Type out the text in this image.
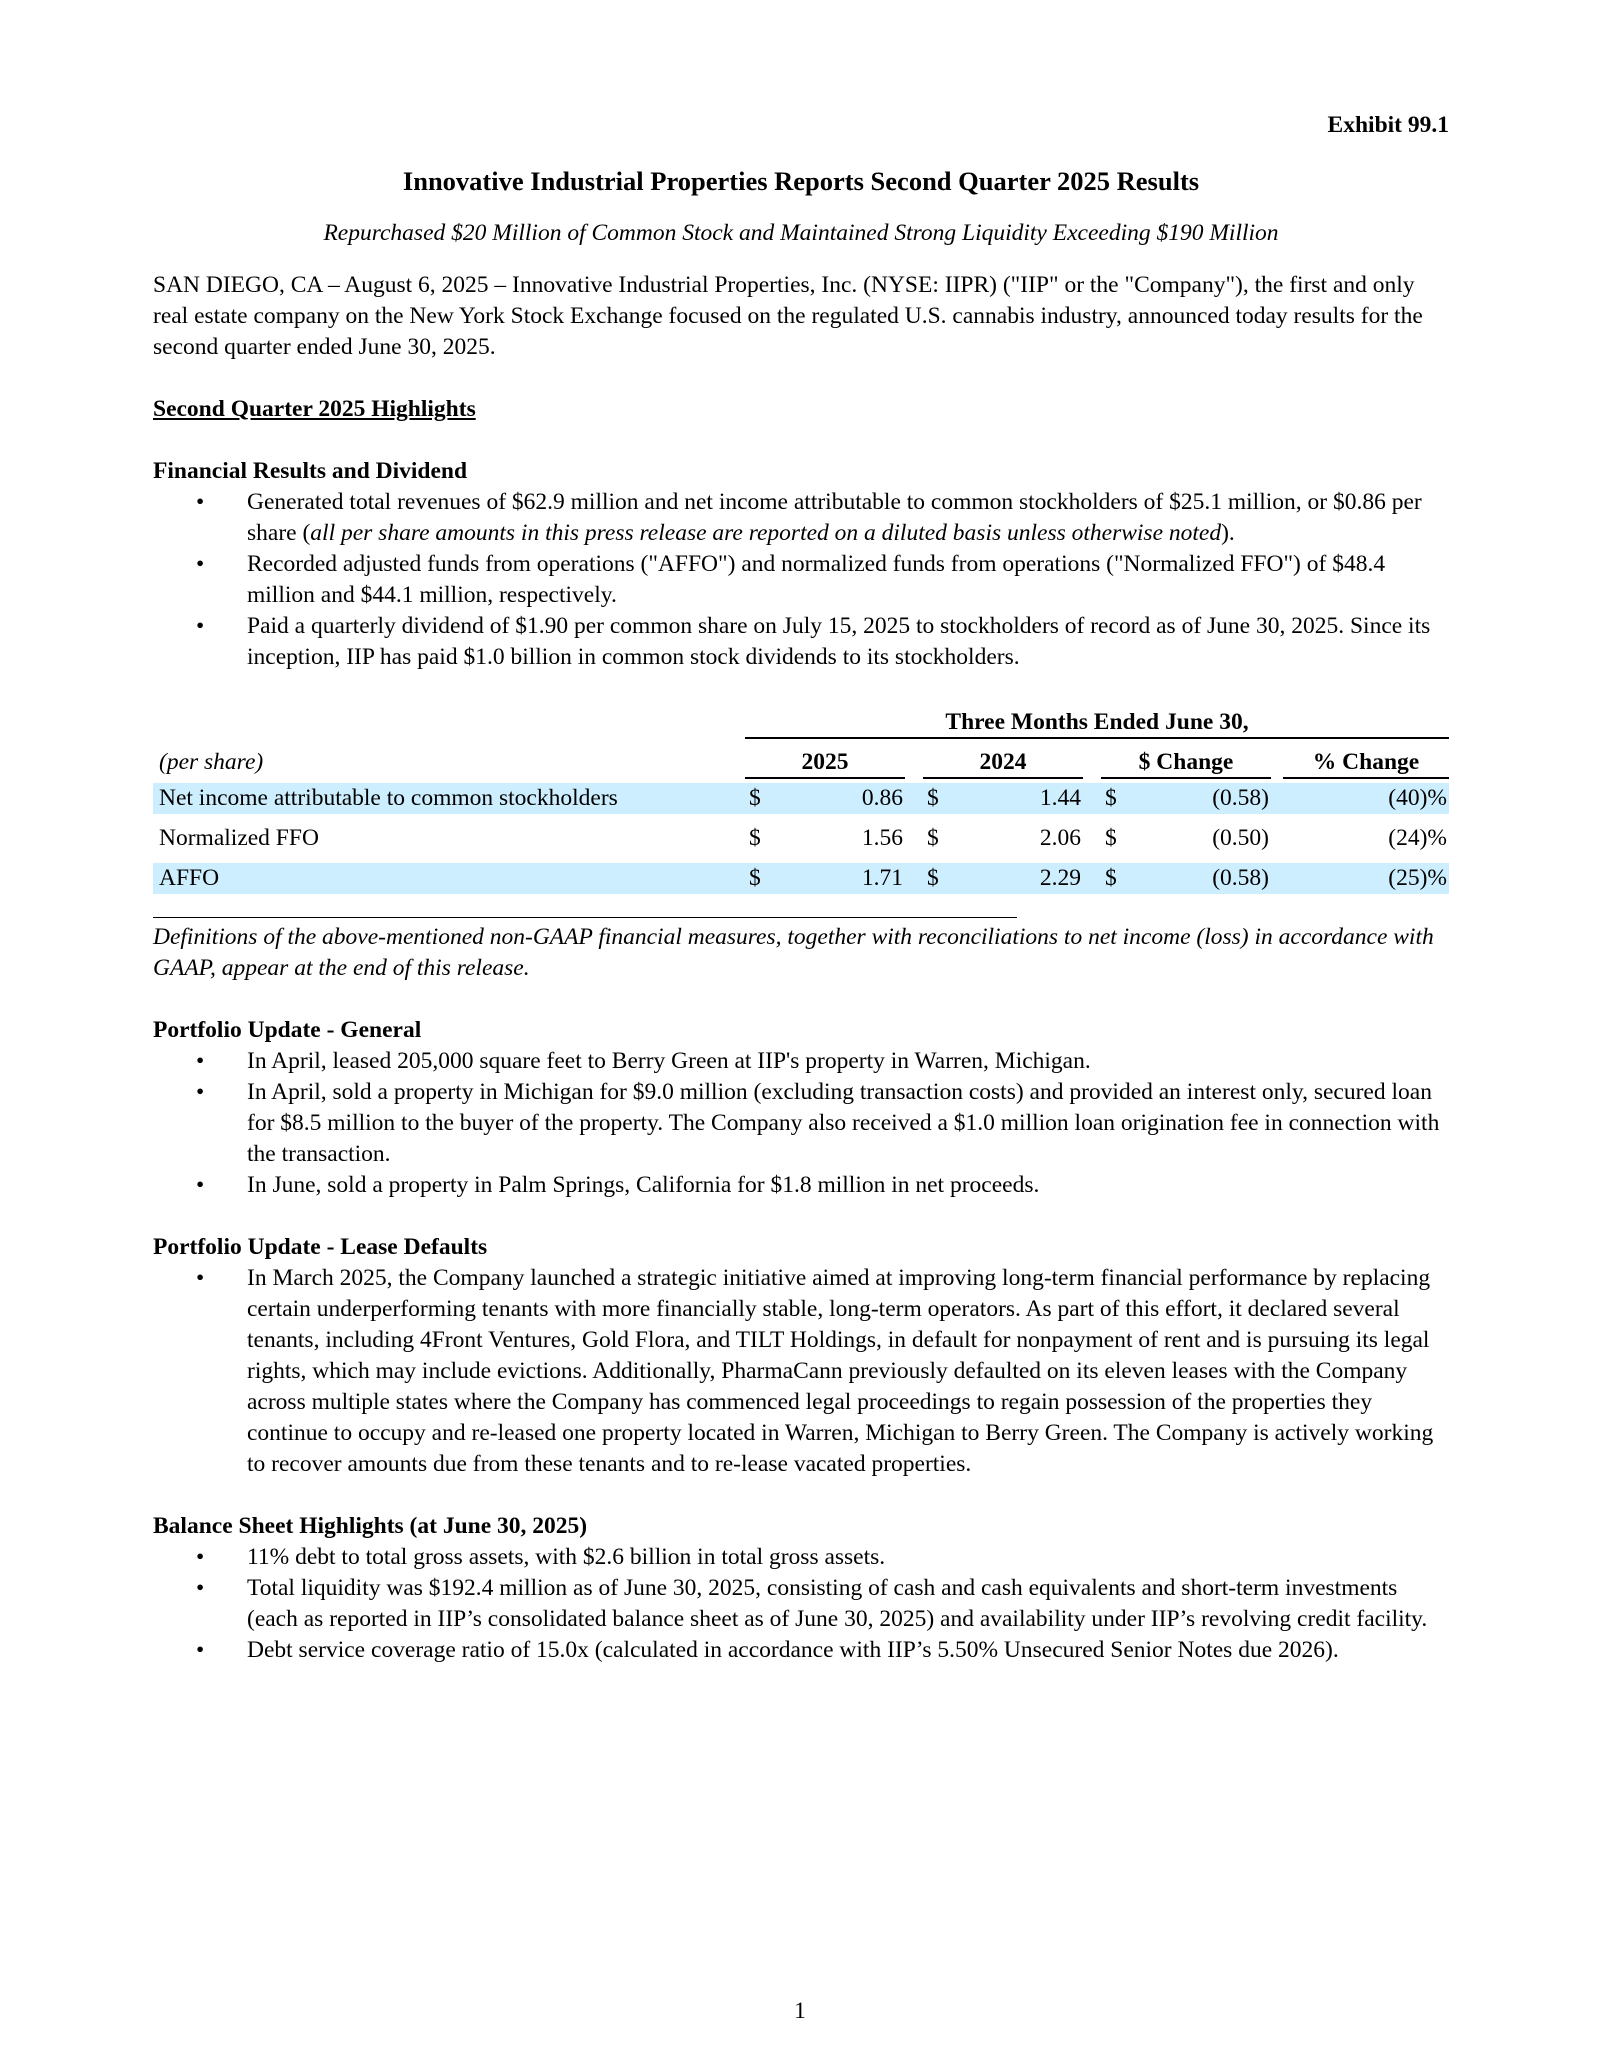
Exhibit 99.1
Innovative Industrial Properties Reports Second Quarter 2025 Results
Repurchased $20 Million of Common Stock and Maintained Strong Liquidity Exceeding $190 Million
SAN DIEGO, CA – August 6, 2025 – Innovative Industrial Properties, Inc. (NYSE: IIPR) ("IIP" or the "Company"), the first and only real estate company on the New York Stock Exchange focused on the regulated U.S. cannabis industry, announced today results for the second quarter ended June 30, 2025.
Second Quarter 2025 Highlights
Financial Results and Dividend
• Generated total revenues of $62.9 million and net income attributable to common stockholders of $25.1 million, or $0.86 per share (all per share amounts in this press release are reported on a diluted basis unless otherwise noted).
• Recorded adjusted funds from operations ("AFFO") and normalized funds from operations ("Normalized FFO") of $48.4 million and $44.1 million, respectively.
• Paid a quarterly dividend of $1.90 per common share on July 15, 2025 to stockholders of record as of June 30, 2025. Since its inception, IIP has paid $1.0 billion in common stock dividends to its stockholders.
Three Months Ended June 30,
(per share)	2025	2024	$ Change	% Change
Net income attributable to common stockholders	$	0.86 $	1.44 $	(0.58)	(40)%
Normalized FFO	$	1.56 $	2.06 $	(0.50)	(24)%
AFFO	$	1.71 $	2.29 $	(0.58)	(25)%
Definitions of the above-mentioned non-GAAP financial measures, together with reconciliations to net income (loss) in accordance with GAAP, appear at the end of this release.
Portfolio Update - General
• In April, leased 205,000 square feet to Berry Green at IIP's property in Warren, Michigan.
• In April, sold a property in Michigan for $9.0 million (excluding transaction costs) and provided an interest only, secured loan for $8.5 million to the buyer of the property. The Company also received a $1.0 million loan origination fee in connection with the transaction.
• In June, sold a property in Palm Springs, California for $1.8 million in net proceeds.
Portfolio Update - Lease Defaults
• In March 2025, the Company launched a strategic initiative aimed at improving long-term financial performance by replacing certain underperforming tenants with more financially stable, long-term operators. As part of this effort, it declared several tenants, including 4Front Ventures, Gold Flora, and TILT Holdings, in default for nonpayment of rent and is pursuing its legal rights, which may include evictions. Additionally, PharmaCann previously defaulted on its eleven leases with the Company across multiple states where the Company has commenced legal proceedings to regain possession of the properties they continue to occupy and re-leased one property located in Warren, Michigan to Berry Green. The Company is actively working to recover amounts due from these tenants and to re-lease vacated properties.
Balance Sheet Highlights (at June 30, 2025)
• 11% debt to total gross assets, with $2.6 billion in total gross assets.
• Total liquidity was $192.4 million as of June 30, 2025, consisting of cash and cash equivalents and short-term investments (each as reported in IIP’s consolidated balance sheet as of June 30, 2025) and availability under IIP’s revolving credit facility.
• Debt service coverage ratio of 15.0x (calculated in accordance with IIP’s 5.50% Unsecured Senior Notes due 2026).
1
